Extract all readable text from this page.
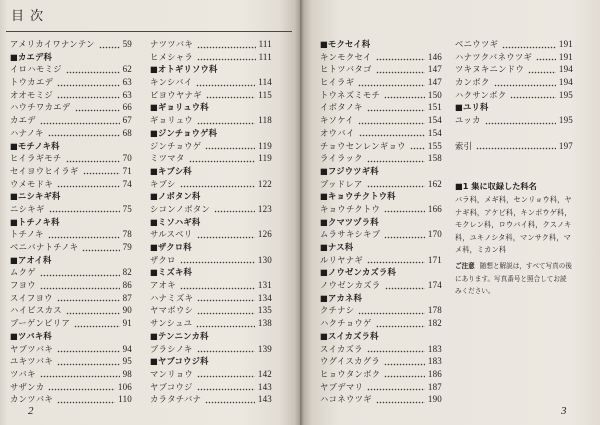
目 次
アメリカイワナンテン	59
■カエデ科
イロハモミジ	62
トウカエデ	63
オオモミジ	63
ハウチワカエデ	66
カエデ	67
ハナノキ	68
■モチノキ科
ヒイラギモチ	70
セイヨウヒイラギ	71
ウメモドキ	74
■ニシキギ科
ニシキギ	75
■トチノキ科
トチノキ	78
ベニバナトチノキ	79
■アオイ科
ムクゲ	82
フヨウ	86
スイフヨウ	87
ハイビスカス	90
ブーゲンビリア	91
■ツバキ科
ヤブツバキ	94
ユキツバキ	95
ツバキ	98
サザンカ	106
カンツバキ	110
ナツツバキ	111
ヒメシャラ	111
■オトギリソウ科
キンシバイ	114
ビヨウヤナギ	115
■ギョリュウ科
ギョリュウ	118
■ジンチョウゲ科
ジンチョウゲ	119
ミツマタ	119
■キブシ科
キブシ	122
■ノボタン科
シコンノボタン	123
■ミソハギ科
サルスベリ	126
■ザクロ科
ザクロ	130
■ミズキ科
アオキ	131
ハナミズキ	134
ヤマボウシ	135
サンシュユ	138
■テンニンカ科
ブラシノキ	139
■ヤブコウジ科
マンリョウ	142
ヤブコウジ	143
カラタチバナ	143
■モクセイ科
キンモクセイ	146
ヒトツバタゴ	147
ヒイラギ	147
トウネズミモチ	150
イボタノキ	151
キソケイ	154
オウバイ	154
チョウセンレンギョウ 155
ライラック	158
■フジウツギ科
ブッドレア	162
■キョウチクトウ科
キョウチクトウ	166
■クマツヅラ科
ムラサキシキブ	170
■ナス科
ルリヤナギ	171
■ノウゼンカズラ科
ノウゼンカズラ	174
■アカネ科
クチナシ	178
ハクチョウゲ	182
■スイカズラ科
スイカズラ	183
ウグイスカグラ	183
ヒョウタンボク	186
ヤブデマリ	187
ハコネウツギ	190
ベニウツギ	191
ハナツクバネウツギ	191
ツキヌキニンドウ	194
カンボク	194
ハクサンボク	195
■ユリ科
ユッカ	195
索引	197
■1 集に収録した科名
バラ科，メギ科，センリョウ科，ヤ
ナギ科，アケビ科，キンポウゲ科，
モクレン科，ロウバイ科，クスノキ
科，ユキノシタ科，マンサク科，マ
メ科，ミカン科
ご注意 随想と解説は，すべて写真の後
にあります。写真番号と照合してお読
みください。
2	3
